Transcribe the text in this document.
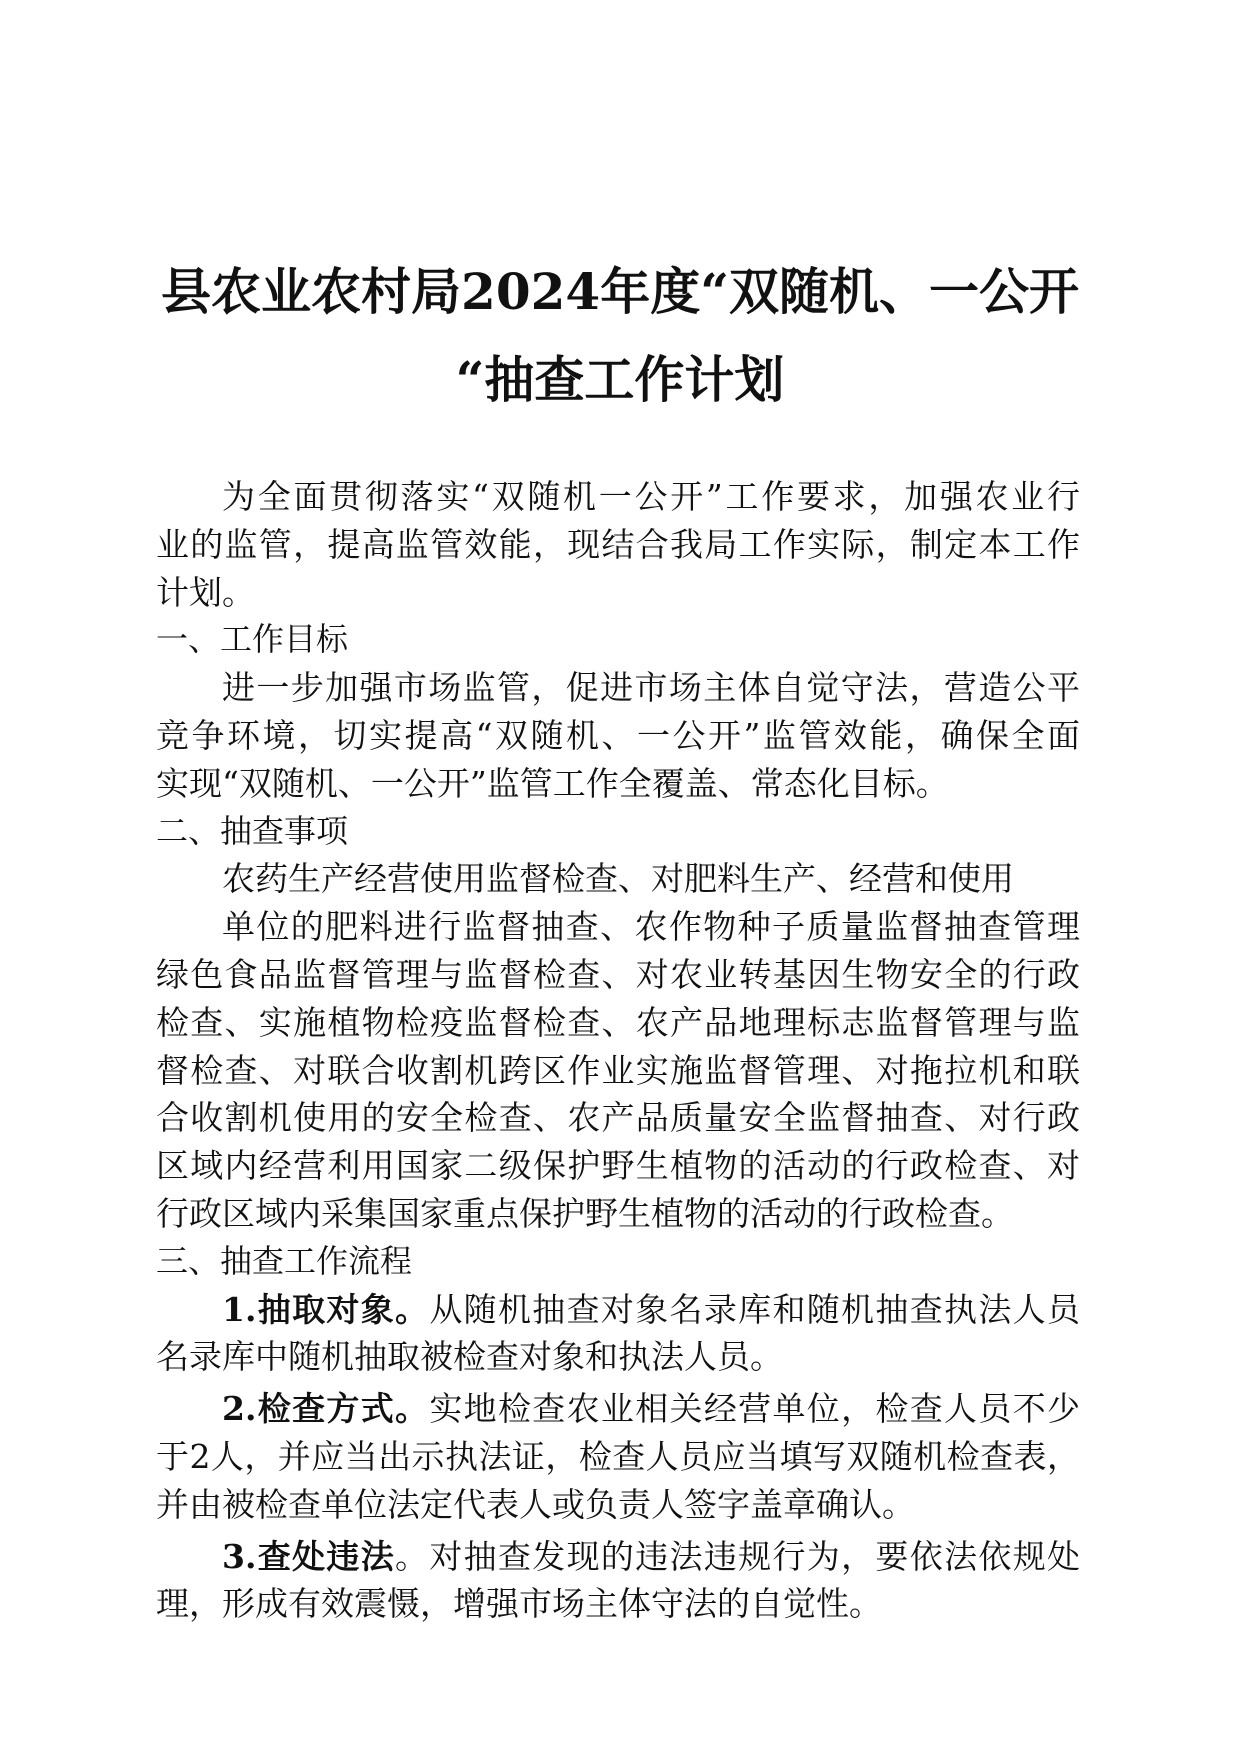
县农业农村局2024年度“双随机、一公开
“抽查工作计划
为全面贯彻落实“双随机一公开”工作要求，加强农业行
业的监管，提高监管效能，现结合我局工作实际，制定本工作
计划。
一、工作目标
进一步加强市场监管，促进市场主体自觉守法，营造公平
竞争环境，切实提高“双随机、一公开”监管效能，确保全面
实现“双随机、一公开”监管工作全覆盖、常态化目标。
二、抽查事项
农药生产经营使用监督检查、对肥料生产、经营和使用
单位的肥料进行监督抽查、农作物种子质量监督抽查管理
绿色食品监督管理与监督检查、对农业转基因生物安全的行政
检查、实施植物检疫监督检查、农产品地理标志监督管理与监
督检查、对联合收割机跨区作业实施监督管理、对拖拉机和联
合收割机使用的安全检查、农产品质量安全监督抽查、对行政
区域内经营利用国家二级保护野生植物的活动的行政检查、对
行政区域内采集国家重点保护野生植物的活动的行政检查。
三、抽查工作流程
1.抽取对象。从随机抽查对象名录库和随机抽查执法人员
名录库中随机抽取被检查对象和执法人员。
2.检查方式。实地检查农业相关经营单位，检查人员不少
于2人，并应当出示执法证，检查人员应当填写双随机检查表，
并由被检查单位法定代表人或负责人签字盖章确认。
3.查处违法。对抽查发现的违法违规行为，要依法依规处
理，形成有效震慑，增强市场主体守法的自觉性。
